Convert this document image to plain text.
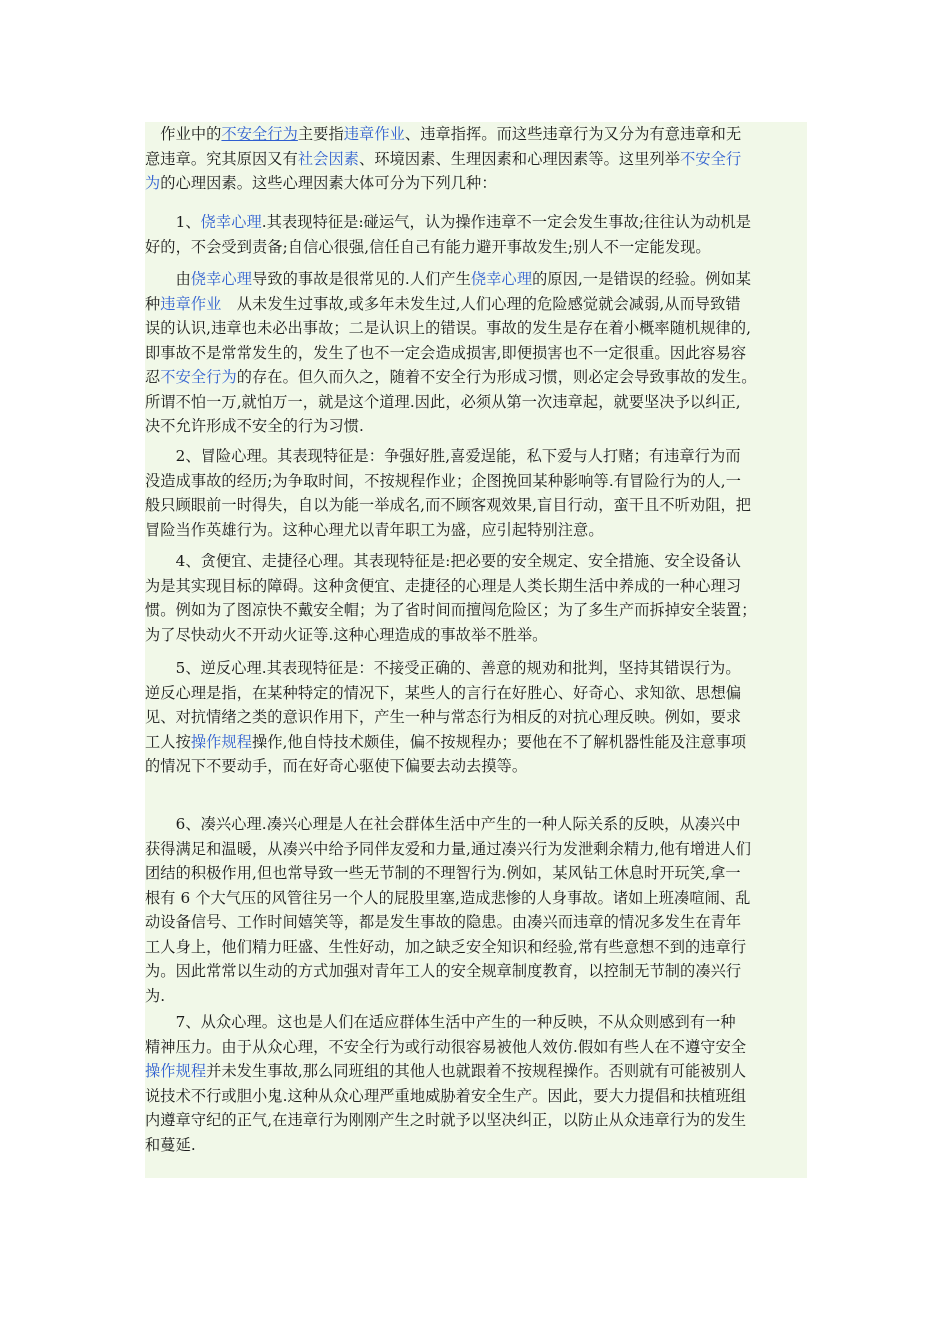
　作业中的不安全行为主要指违章作业、违章指挥。而这些违章行为又分为有意违章和无
意违章。究其原因又有社会因素、环境因素、生理因素和心理因素等。这里列举不安全行
为的心理因素。这些心理因素大体可分为下列几种：
　　1、侥幸心理.其表现特征是:碰运气，认为操作违章不一定会发生事故;往往认为动机是
好的，不会受到责备;自信心很强,信任自己有能力避开事故发生;别人不一定能发现。
　　由侥幸心理导致的事故是很常见的.人们产生侥幸心理的原因,一是错误的经验。例如某
种违章作业　从未发生过事故,或多年未发生过,人们心理的危险感觉就会减弱,从而导致错
误的认识,违章也未必出事故；二是认识上的错误。事故的发生是存在着小概率随机规律的,
即事故不是常常发生的，发生了也不一定会造成损害,即便损害也不一定很重。因此容易容
忍不安全行为的存在。但久而久之，随着不安全行为形成习惯，则必定会导致事故的发生。
所谓不怕一万,就怕万一，就是这个道理.因此，必须从第一次违章起，就要坚决予以纠正,
决不允许形成不安全的行为习惯.
　　2、冒险心理。其表现特征是：争强好胜,喜爱逞能，私下爱与人打赌；有违章行为而
没造成事故的经历;为争取时间，不按规程作业；企图挽回某种影响等.有冒险行为的人,一
般只顾眼前一时得失，自以为能一举成名,而不顾客观效果,盲目行动，蛮干且不听劝阻，把
冒险当作英雄行为。这种心理尤以青年职工为盛，应引起特别注意。
　　4、贪便宜、走捷径心理。其表现特征是:把必要的安全规定、安全措施、安全设备认
为是其实现目标的障碍。这种贪便宜、走捷径的心理是人类长期生活中养成的一种心理习
惯。例如为了图凉快不戴安全帽；为了省时间而擅闯危险区；为了多生产而拆掉安全装置；
为了尽快动火不开动火证等.这种心理造成的事故举不胜举。
　　5、逆反心理.其表现特征是：不接受正确的、善意的规劝和批判，坚持其错误行为。
逆反心理是指，在某种特定的情况下，某些人的言行在好胜心、好奇心、求知欲、思想偏
见、对抗情绪之类的意识作用下，产生一种与常态行为相反的对抗心理反映。例如，要求
工人按操作规程操作,他自恃技术颇佳，偏不按规程办；要他在不了解机器性能及注意事项
的情况下不要动手，而在好奇心驱使下偏要去动去摸等。
　　6、凑兴心理.凑兴心理是人在社会群体生活中产生的一种人际关系的反映，从凑兴中
获得满足和温暖，从凑兴中给予同伴友爱和力量,通过凑兴行为发泄剩余精力,他有增进人们
团结的积极作用,但也常导致一些无节制的不理智行为.例如，某风钻工休息时开玩笑,拿一
根有 6 个大气压的风管往另一个人的屁股里塞,造成悲惨的人身事故。诸如上班凑喧闹、乱
动设备信号、工作时间嬉笑等，都是发生事故的隐患。由凑兴而违章的情况多发生在青年
工人身上，他们精力旺盛、生性好动，加之缺乏安全知识和经验,常有些意想不到的违章行
为。因此常常以生动的方式加强对青年工人的安全规章制度教育，以控制无节制的凑兴行
为.
　　7、从众心理。这也是人们在适应群体生活中产生的一种反映，不从众则感到有一种
精神压力。由于从众心理，不安全行为或行动很容易被他人效仿.假如有些人在不遵守安全
操作规程并未发生事故,那么同班组的其他人也就跟着不按规程操作。否则就有可能被别人
说技术不行或胆小鬼.这种从众心理严重地威胁着安全生产。因此，要大力提倡和扶植班组
内遵章守纪的正气,在违章行为刚刚产生之时就予以坚决纠正，以防止从众违章行为的发生
和蔓延.
